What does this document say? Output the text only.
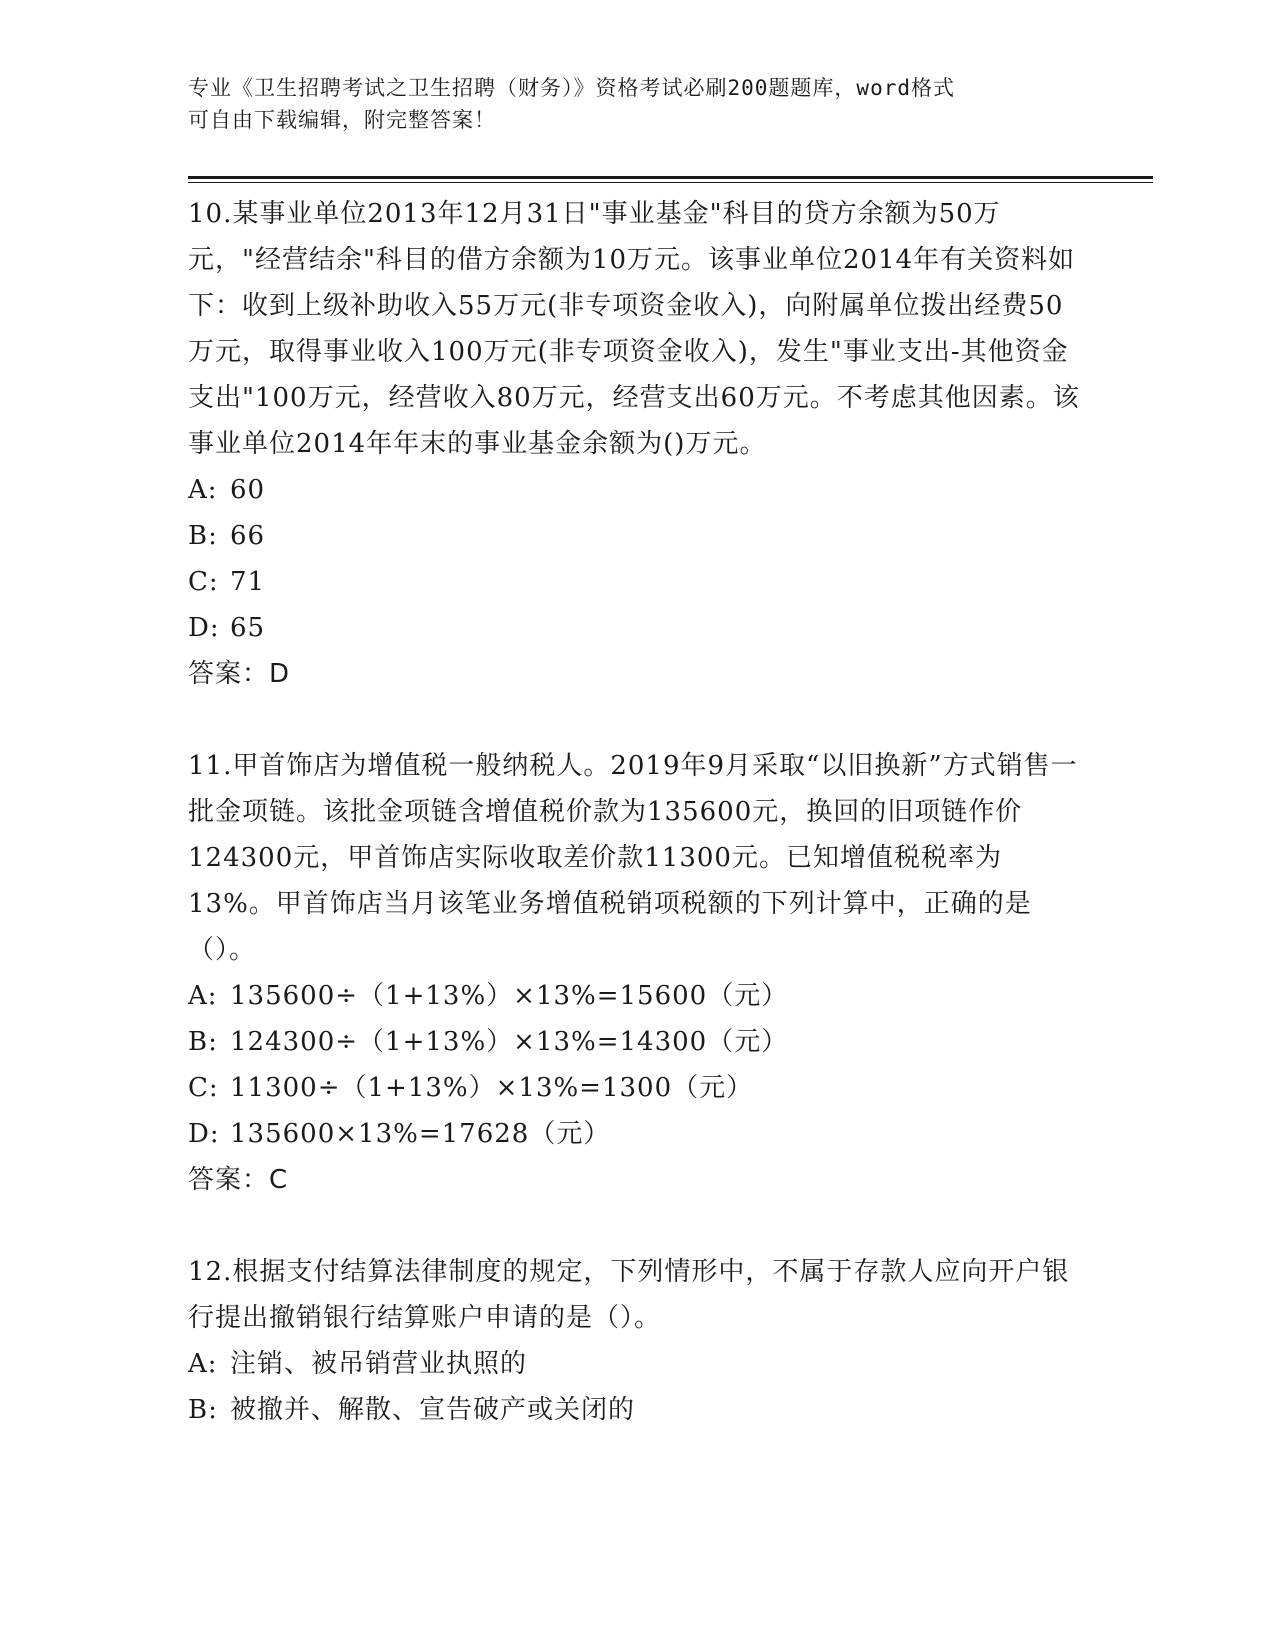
专业《卫生招聘考试之卫生招聘（财务）》资格考试必刷200题题库，word格式
可自由下载编辑，附完整答案！
10.某事业单位2013年12月31日"事业基金"科目的贷方余额为50万元，"经营结余"科目的借方余额为10万元。该事业单位2014年有关资料如下：收到上级补助收入55万元(非专项资金收入)，向附属单位拨出经费50万元，取得事业收入100万元(非专项资金收入)，发生"事业支出-其他资金支出"100万元，经营收入80万元，经营支出60万元。不考虑其他因素。该事业单位2014年年末的事业基金余额为()万元。
A: 60
B: 66
C: 71
D: 65
答案：D
11.甲首饰店为增值税一般纳税人。2019年9月采取“以旧换新”方式销售一批金项链。该批金项链含增值税价款为135600元，换回的旧项链作价124300元，甲首饰店实际收取差价款11300元。已知增值税税率为13%。甲首饰店当月该笔业务增值税销项税额的下列计算中，正确的是（）。
A: 135600÷（1+13%）×13%=15600（元）
B: 124300÷（1+13%）×13%=14300（元）
C: 11300÷（1+13%）×13%=1300（元）
D: 135600×13%=17628（元）
答案：C
12.根据支付结算法律制度的规定，下列情形中，不属于存款人应向开户银行提出撤销银行结算账户申请的是（）。
A: 注销、被吊销营业执照的
B: 被撤并、解散、宣告破产或关闭的
